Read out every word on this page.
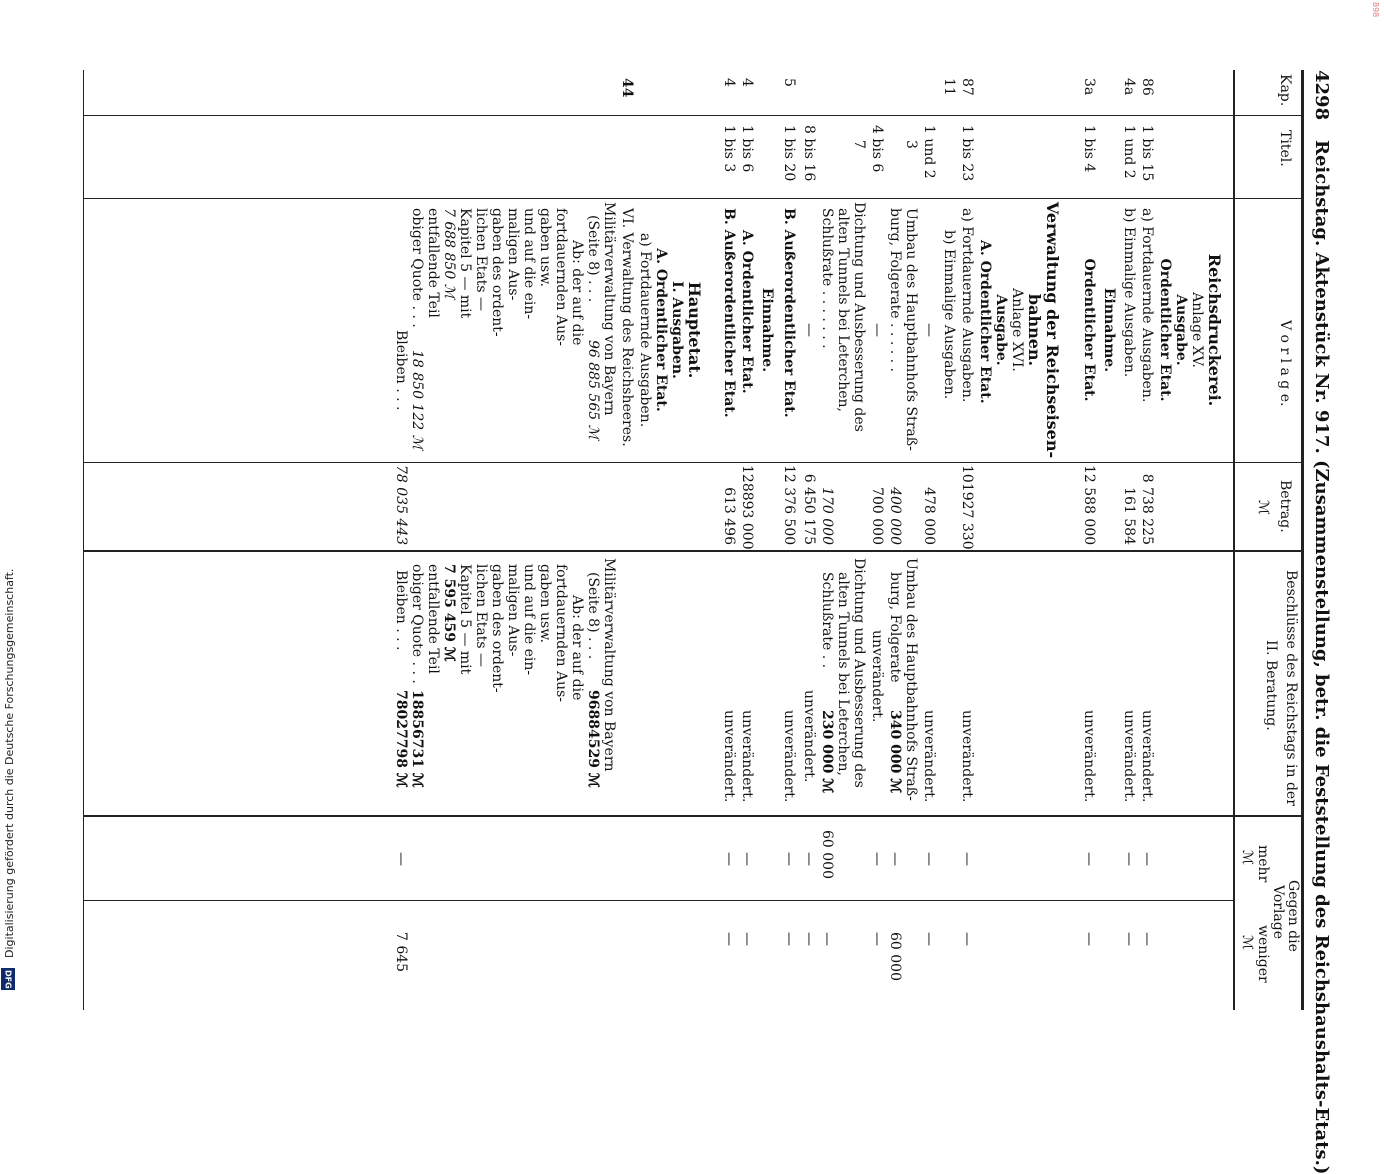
898
4298
Reichstag. Aktenstück Nr. 917. (Zusammenstellung, betr. die Feststellung des Reichshaushalts-Etats.)
Kap.
Titel.
V o r l a g e.
Betrag.
ℳ
Beschlüsse des Reichstags in der
II. Beratung.
Gegen die
Vorlage
mehr
weniger
ℳ
ℳ
Reichsdruckerei.
Anlage XV.
Ausgabe.
Ordentlicher Etat.
86
1 bis 15
a) Fortdauernde Ausgaben.
8 738 225
unverändert.
—
—
4a
1 und 2
b) Einmalige Ausgaben.
161 584
unverändert.
—
—
Einnahme.
3a
1 bis 4
Ordentlicher Etat.
12 588 000
unverändert.
—
—
Verwaltung der Reichseisen-
bahnen.
Anlage XVI.
Ausgabe.
A. Ordentlicher Etat.
87
1 bis 23
a) Fortdauernde Ausgaben.
101927 330
unverändert.
—
—
11
b) Einmalige Ausgaben.
1 und 2
—
478 000
unverändert.
—
—
3
Umbau des Hauptbahnhofs Straß-
burg, Folgerate . . . . . .
400 000
700 000
Umbau des Hauptbahnhofs Straß-
burg, Folgerate
340 000 ℳ
unverändert.
—
60 000
4 bis 6
—
—
—
7
Dichtung und Ausbesserung des
alten Tunnels bei Leterchen,
Schlußrate . . . . . . .
170 000
Dichtung und Ausbesserung des
alten Tunnels bei Leterchen,
Schlußrate . .
230 000 ℳ
60 000
—
8 bis 16
—
6 450 175
unverändert.
—
—
5
1 bis 20
B. Außerordentlicher Etat.
12 376 500
unverändert.
—
—
Einnahme.
4
1 bis 6
A. Ordentlicher Etat.
128893 000
unverändert.
—
—
4
1 bis 3
B. Außerordentlicher Etat.
613 496
unverändert.
—
—
Hauptetat.
I. Ausgaben.
A. Ordentlicher Etat.
a) Fortdauernde Ausgaben.
44
VI. Verwaltung des Reichsheeres.
Militärverwaltung von Bayern
(Seite 8) . . .
96 885 565 ℳ
Ab: der auf die
fortdauernden Aus-
gaben usw.
und auf die ein-
maligen Aus-
gaben des ordent-
lichen Etats —
Kapitel 5 — mit
7 688 850 ℳ
entfallende Teil
obiger Quote . . .
18 850 122 ℳ
Bleiben . . .
78 035 443
Militärverwaltung von Bayern
(Seite 8) . . .
96884529 ℳ
Ab: der auf die
fortdauernden Aus-
gaben usw.
und auf die ein-
maligen Aus-
gaben des ordent-
lichen Etats —
Kapitel 5 — mit
7 595 459 ℳ
entfallende Teil
obiger Quote . . .
18856731 ℳ
Bleiben . . .
78027798 ℳ
—
7 645
Digitalisierung gefördert durch die Deutsche Forschungsgemeinschaft.
DFG
